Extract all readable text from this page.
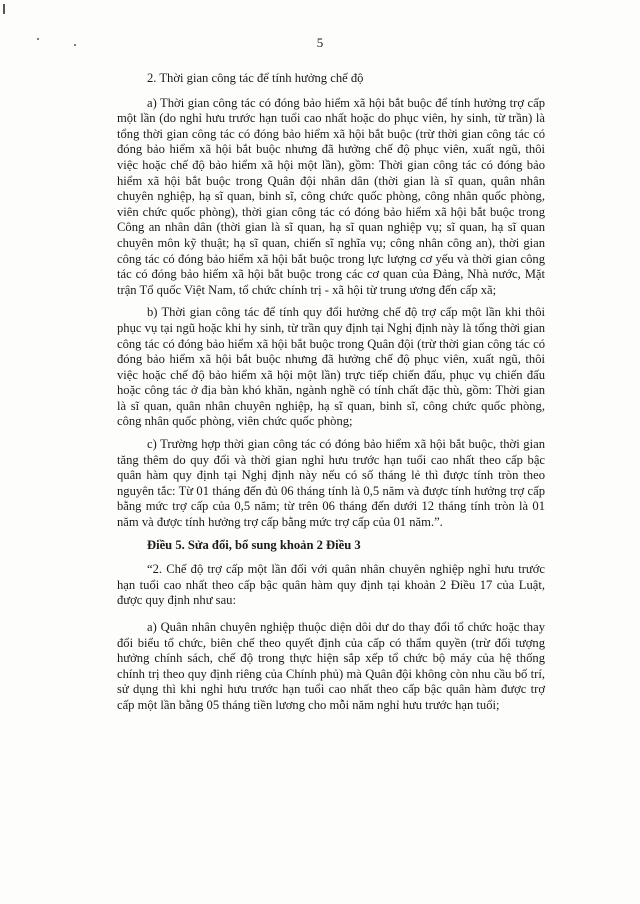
5

2. Thời gian công tác để tính hưởng chế độ

a) Thời gian công tác có đóng bảo hiểm xã hội bắt buộc để tính hưởng trợ cấp một lần (do nghỉ hưu trước hạn tuổi cao nhất hoặc do phục viên, hy sinh, từ trần) là tổng thời gian công tác có đóng bảo hiểm xã hội bắt buộc (trừ thời gian công tác có đóng bảo hiểm xã hội bắt buộc nhưng đã hưởng chế độ phục viên, xuất ngũ, thôi việc hoặc chế độ bảo hiểm xã hội một lần), gồm: Thời gian công tác có đóng bảo hiểm xã hội bắt buộc trong Quân đội nhân dân (thời gian là sĩ quan, quân nhân chuyên nghiệp, hạ sĩ quan, binh sĩ, công chức quốc phòng, công nhân quốc phòng, viên chức quốc phòng), thời gian công tác có đóng bảo hiểm xã hội bắt buộc trong Công an nhân dân (thời gian là sĩ quan, hạ sĩ quan nghiệp vụ; sĩ quan, hạ sĩ quan chuyên môn kỹ thuật; hạ sĩ quan, chiến sĩ nghĩa vụ; công nhân công an), thời gian công tác có đóng bảo hiểm xã hội bắt buộc trong lực lượng cơ yếu và thời gian công tác có đóng bảo hiểm xã hội bắt buộc trong các cơ quan của Đảng, Nhà nước, Mặt trận Tổ quốc Việt Nam, tổ chức chính trị - xã hội từ trung ương đến cấp xã;

b) Thời gian công tác để tính quy đổi hưởng chế độ trợ cấp một lần khi thôi phục vụ tại ngũ hoặc khi hy sinh, từ trần quy định tại Nghị định này là tổng thời gian công tác có đóng bảo hiểm xã hội bắt buộc trong Quân đội (trừ thời gian công tác có đóng bảo hiểm xã hội bắt buộc nhưng đã hưởng chế độ phục viên, xuất ngũ, thôi việc hoặc chế độ bảo hiểm xã hội một lần) trực tiếp chiến đấu, phục vụ chiến đấu hoặc công tác ở địa bàn khó khăn, ngành nghề có tính chất đặc thù, gồm: Thời gian là sĩ quan, quân nhân chuyên nghiệp, hạ sĩ quan, binh sĩ, công chức quốc phòng, công nhân quốc phòng, viên chức quốc phòng;

c) Trường hợp thời gian công tác có đóng bảo hiểm xã hội bắt buộc, thời gian tăng thêm do quy đổi và thời gian nghỉ hưu trước hạn tuổi cao nhất theo cấp bậc quân hàm quy định tại Nghị định này nếu có số tháng lẻ thì được tính tròn theo nguyên tắc: Từ 01 tháng đến đủ 06 tháng tính là 0,5 năm và được tính hưởng trợ cấp bằng mức trợ cấp của 0,5 năm; từ trên 06 tháng đến dưới 12 tháng tính tròn là 01 năm và được tính hưởng trợ cấp bằng mức trợ cấp của 01 năm.”.

Điều 5. Sửa đổi, bổ sung khoản 2 Điều 3

“2. Chế độ trợ cấp một lần đối với quân nhân chuyên nghiệp nghỉ hưu trước hạn tuổi cao nhất theo cấp bậc quân hàm quy định tại khoản 2 Điều 17 của Luật, được quy định như sau:

a) Quân nhân chuyên nghiệp thuộc diện dôi dư do thay đổi tổ chức hoặc thay đổi biểu tổ chức, biên chế theo quyết định của cấp có thẩm quyền (trừ đối tượng hưởng chính sách, chế độ trong thực hiện sắp xếp tổ chức bộ máy của hệ thống chính trị theo quy định riêng của Chính phủ) mà Quân đội không còn nhu cầu bố trí, sử dụng thì khi nghỉ hưu trước hạn tuổi cao nhất theo cấp bậc quân hàm được trợ cấp một lần bằng 05 tháng tiền lương cho mỗi năm nghỉ hưu trước hạn tuổi;
